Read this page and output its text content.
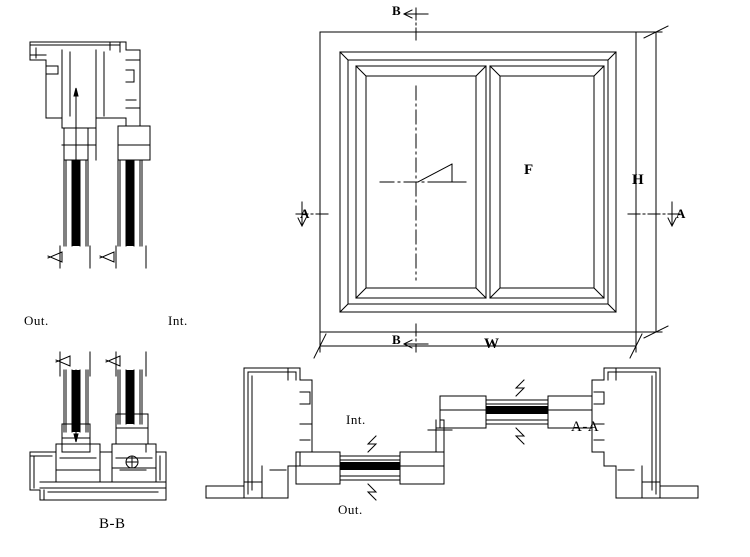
Out.	Int.
B-B
A-A
Out.
Int.
F
W
H
B
B
A	A
